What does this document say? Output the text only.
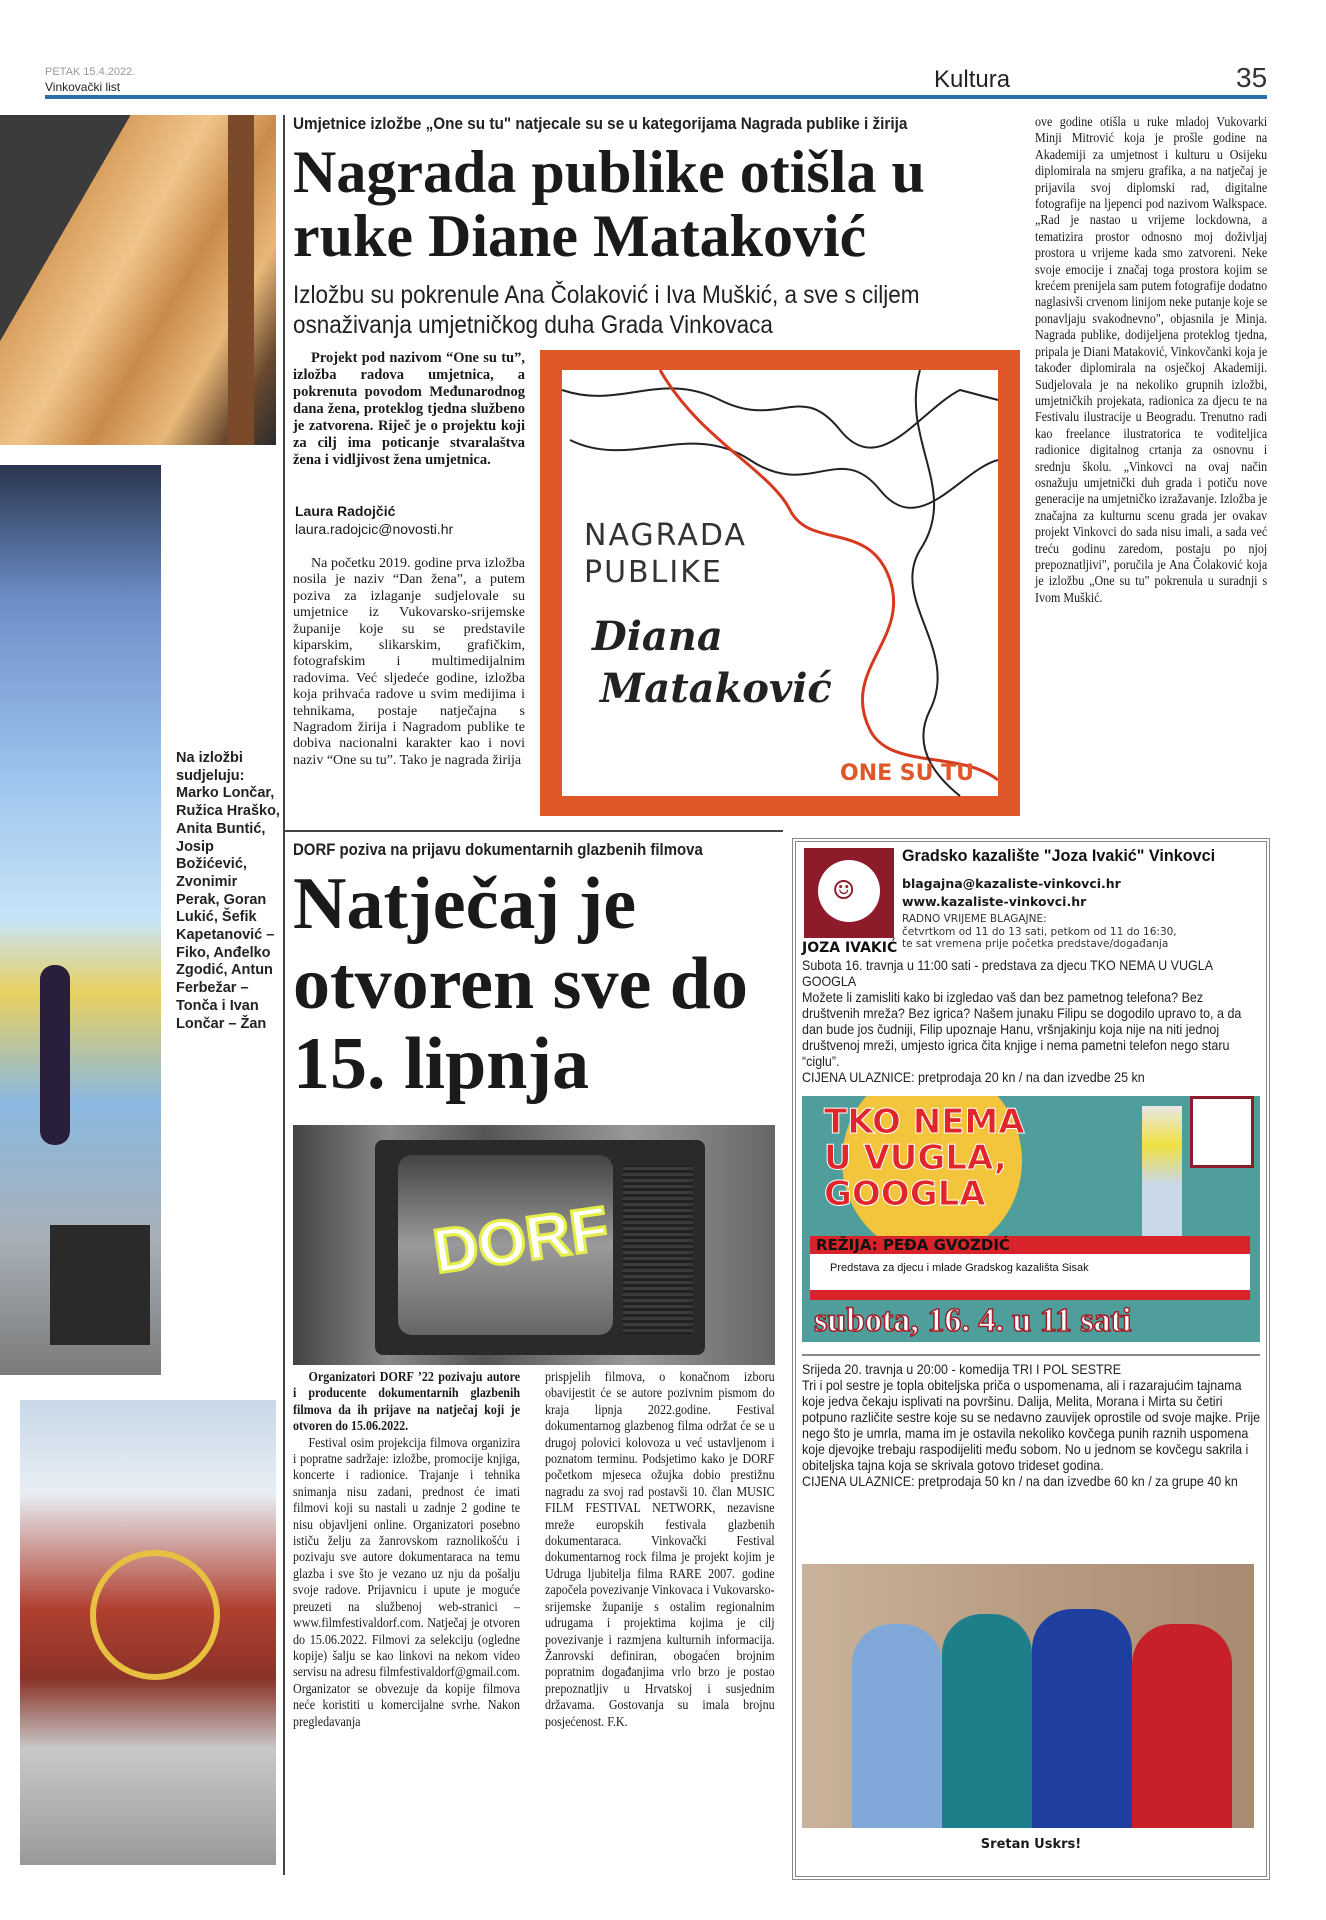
PETAK 15.4.2022.
Vinkovački list	Kultura	35
Na izložbi sudjeluju: Marko Lončar, Ružica Hraško, Anita Buntić, Josip Božićević, Zvonimir Perak, Goran Lukić, Šefik Kapetanović – Fiko, Anđelko Zgodić, Antun Ferbežar – Tonča i Ivan Lončar – Žan
Umjetnice izložbe „One su tu" natjecale su se u kategorijama Nagrada publike i žirija
Nagrada publike otišla u ruke Diane Mataković
Izložbu su pokrenule Ana Čolaković i Iva Muškić, a sve s ciljem osnaživanja umjetničkog duha Grada Vinkovaca
Projekt pod nazivom “One su tu”, izložba radova umjetnica, a pokrenuta povodom Međunarodnog dana žena, proteklog tjedna službeno je zatvorena. Riječ je o projektu koji za cilj ima poticanje stvaralaštva žena i vidljivost žena umjetnica.
Laura Radojčić
laura.radojcic@novosti.hr

Na početku 2019. godine prva izložba nosila je naziv “Dan žena”, a putem poziva za izlaganje sudjelovale su umjetnice iz Vukovarsko-srijemske županije koje su se predstavile kiparskim, slikarskim, grafičkim, fotografskim i multimedijalnim radovima. Već sljedeće godine, izložba koja prihvaća radove u svim medijima i tehnikama, postaje natječajna s Nagradom žirija i Nagradom publike te dobiva nacionalni karakter kao i novi naziv “One su tu”. Tako je nagrada žirija

NAGRADA
PUBLIKE
Diana
Mataković
ONE SU TU

ove godine otišla u ruke mladoj Vukovarki Minji Mitrović koja je prošle godine na Akademiji za umjetnost i kulturu u Osijeku diplomirala na smjeru grafika, a na natječaj je prijavila svoj diplomski rad, digitalne fotografije na ljepenci pod nazivom Walkspace. „Rad je nastao u vrijeme lockdowna, a tematizira prostor odnosno moj doživljaj prostora u vrijeme kada smo zatvoreni. Neke svoje emocije i značaj toga prostora kojim se krećem prenijela sam putem fotografije dodatno naglasivši crvenom linijom neke putanje koje se ponavljaju svakodnevno", objasnila je Minja. Nagrada publike, dodijeljena proteklog tjedna, pripala je Diani Mataković, Vinkovčanki koja je također diplomirala na osječkoj Akademiji. Sudjelovala je na nekoliko grupnih izložbi, umjetničkih projekata, radionica za djecu te na Festivalu ilustracije u Beogradu. Trenutno radi kao freelance ilustratorica te voditeljica radionice digitalnog crtanja za osnovnu i srednju školu. „Vinkovci na ovaj način osnažuju umjetnički duh grada i potiču nove generacije na umjetničko izražavanje. Izložba je značajna za kulturnu scenu grada jer ovakav projekt Vinkovci do sada nisu imali, a sada već treću godinu zaredom, postaju po njoj prepoznatljivi", poručila je Ana Čolaković koja je izložbu „One su tu" pokrenula u suradnji s Ivom Muškić.

DORF poziva na prijavu dokumentarnih glazbenih filmova
Natječaj je otvoren sve do 15. lipnja
DORF

Organizatori DORF ’22 pozivaju autore i producente dokumentarnih glazbenih filmova da ih prijave na natječaj koji je otvoren do 15.06.2022.

Festival osim projekcija filmova organizira i popratne sadržaje: izložbe, promocije knjiga, koncerte i radionice. Trajanje i tehnika snimanja nisu zadani, prednost će imati filmovi koji su nastali u zadnje 2 godine te nisu objavljeni online. Organizatori posebno ističu želju za žanrovskom raznolikošću i pozivaju sve autore dokumentaraca na temu glazba i sve što je vezano uz nju da pošalju svoje radove. Prijavnicu i upute je moguće preuzeti na službenoj web-stranici – www.filmfestivaldorf.com. Natječaj je otvoren do 15.06.2022. Filmovi za selekciju (ogledne kopije) šalju se kao linkovi na nekom video servisu na adresu filmfestivaldorf@gmail.com. Organizator se obvezuje da kopije filmova neće koristiti u komercijalne svrhe. Nakon pregledavanja

prispjelih filmova, o konačnom izboru obavijestit će se autore pozivnim pismom do kraja lipnja 2022.godine. Festival dokumentarnog glazbenog filma održat će se u drugoj polovici kolovoza u već ustavljenom i poznatom terminu. Podsjetimo kako je DORF početkom mjeseca ožujka dobio prestižnu nagradu za svoj rad postavši 10. član MUSIC FILM FESTIVAL NETWORK, nezavisne mreže europskih festivala glazbenih dokumentaraca. Vinkovački Festival dokumentarnog rock filma je projekt kojim je Udruga ljubitelja filma RARE 2007. godine započela povezivanje Vinkovaca i Vukovarsko-srijemske županije s ostalim regionalnim udrugama i projektima kojima je cilj povezivanje i razmjena kulturnih informacija. Žanrovski definiran, obogaćen brojnim popratnim događanjima vrlo brzo je postao prepoznatljiv u Hrvatskoj i susjednim državama. Gostovanja su imala brojnu posjećenost. F.K.

☺
JOZA IVAKIĆ
Gradsko kazalište "Joza Ivakić" Vinkovci
blagajna@kazaliste-vinkovci.hr
www.kazaliste-vinkovci.hr
RADNO VRIJEME BLAGAJNE:
četvrtkom od 11 do 13 sati, petkom od 11 do 16:30,
te sat vremena prije početka predstave/događanja
Subota 16. travnja u 11:00 sati - predstava za djecu TKO NEMA U VUGLA GOOGLA
Možete li zamisliti kako bi izgledao vaš dan bez pametnog telefona? Bez društvenih mreža? Bez igrica? Našem junaku Filipu se dogodilo upravo to, a da dan bude jos čudniji, Filip upoznaje Hanu, vršnjakinju koja nije na niti jednoj društvenoj mreži, umjesto igrica čita knjige i nema pametni telefon nego staru “ciglu”.
CIJENA ULAZNICE: pretprodaja 20 kn / na dan izvedbe 25 kn
TKO NEMA
U VUGLA,
GOOGLA
REŽIJA: PEĐA GVOZDIĆ
Predstava za djecu i mlade Gradskog kazališta Sisak
subota, 16. 4. u 11 sati
Srijeda 20. travnja u 20:00 - komedija TRI I POL SESTRE
Tri i pol sestre je topla obiteljska priča o uspomenama, ali i razarajućim tajnama koje jedva čekaju isplivati na površinu. Dalija, Melita, Morana i Mirta su četiri potpuno različite sestre koje su se nedavno zauvijek oprostile od svoje majke. Prije nego što je umrla, mama im je ostavila nekoliko kovčega punih raznih uspomena koje djevojke trebaju raspodijeliti među sobom. No u jednom se kovčegu sakrila i obiteljska tajna koja se skrivala gotovo trideset godina.
CIJENA ULAZNICE: pretprodaja 50 kn / na dan izvedbe 60 kn / za grupe 40 kn
Sretan Uskrs!
